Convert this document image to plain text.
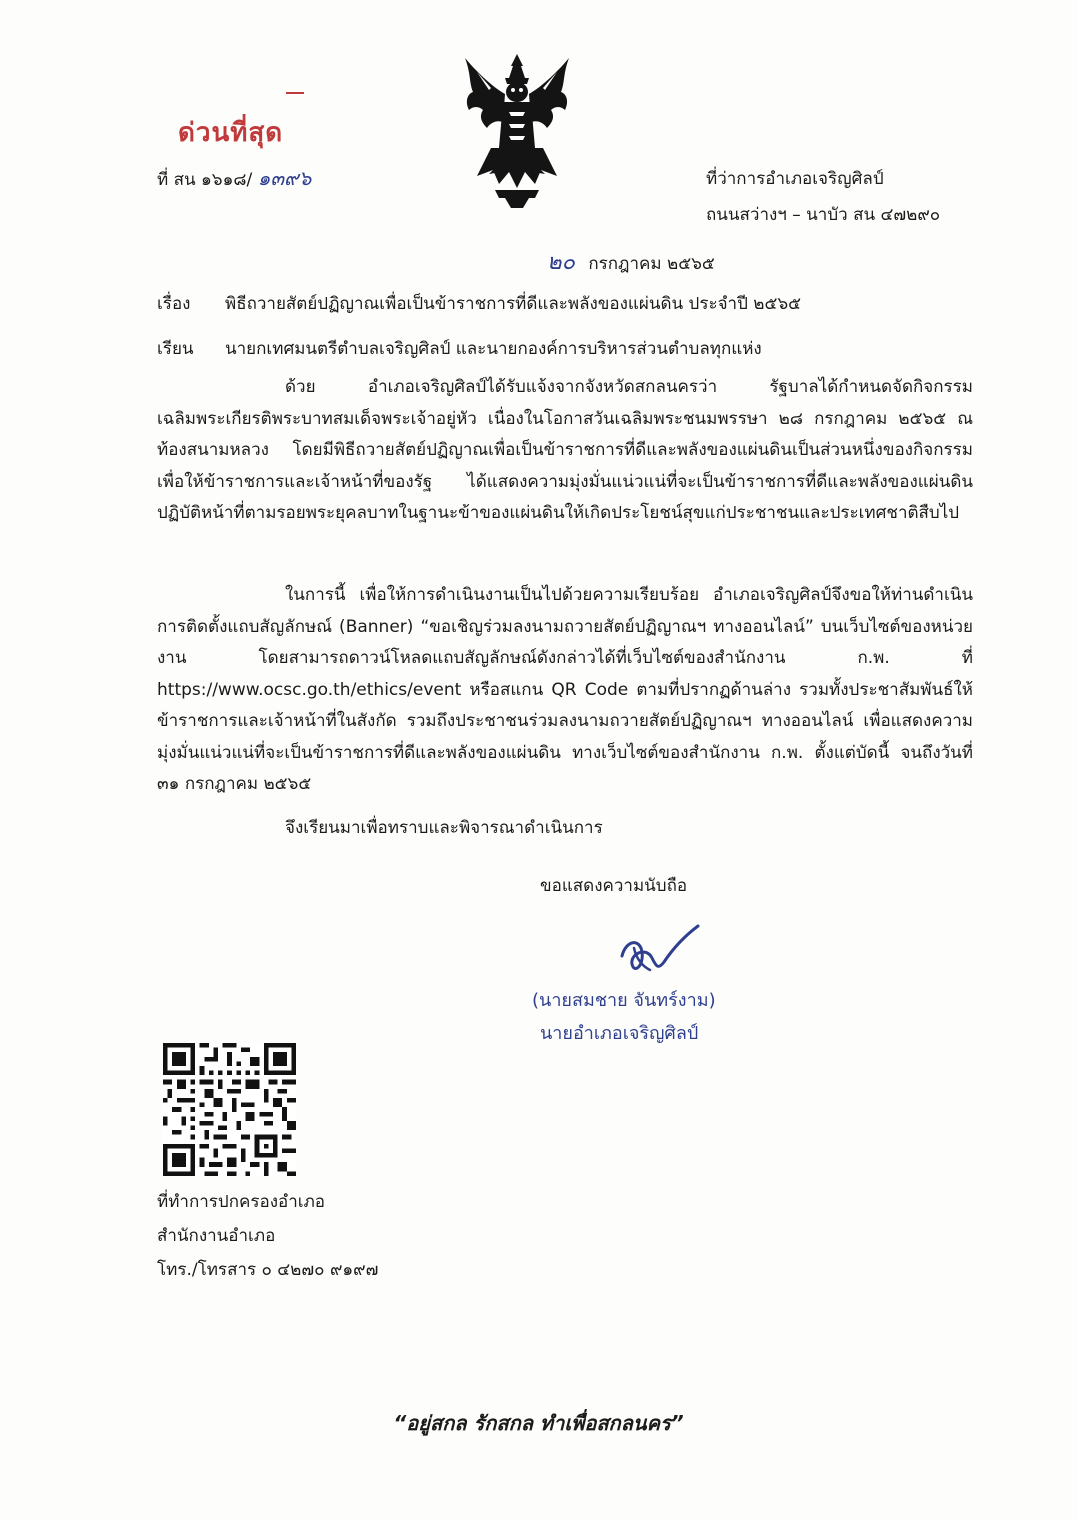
ด่วนที่สุด
ที่ สน ๑๖๑๘/ ๑๓๙๖	ที่ว่าการอำเภอเจริญศิลป์
ถนนสว่างฯ – นาบัว สน ๔๗๒๙๐
๒๐ กรกฎาคม ๒๕๖๕
เรื่อง พิธีถวายสัตย์ปฏิญาณเพื่อเป็นข้าราชการที่ดีและพลังของแผ่นดิน ประจำปี ๒๕๖๕
เรียน นายกเทศมนตรีตำบลเจริญศิลป์ และนายกองค์การบริหารส่วนตำบลทุกแห่ง
ด้วย อำเภอเจริญศิลป์ได้รับแจ้งจากจังหวัดสกลนครว่า รัฐบาลได้กำหนดจัดกิจกรรมเฉลิมพระเกียรติพระบาทสมเด็จพระเจ้าอยู่หัว เนื่องในโอกาสวันเฉลิมพระชนมพรรษา ๒๘ กรกฎาคม ๒๕๖๕ ณ ท้องสนามหลวง โดยมีพิธีถวายสัตย์ปฏิญาณเพื่อเป็นข้าราชการที่ดีและพลังของแผ่นดินเป็นส่วนหนึ่งของกิจกรรม เพื่อให้ข้าราชการและเจ้าหน้าที่ของรัฐ ได้แสดงความมุ่งมั่นแน่วแน่ที่จะเป็นข้าราชการที่ดีและพลังของแผ่นดิน ปฏิบัติหน้าที่ตามรอยพระยุคลบาทในฐานะข้าของแผ่นดินให้เกิดประโยชน์สุขแก่ประชาชนและประเทศชาติสืบไป
ในการนี้ เพื่อให้การดำเนินงานเป็นไปด้วยความเรียบร้อย อำเภอเจริญศิลป์จึงขอให้ท่านดำเนินการติดตั้งแถบสัญลักษณ์ (Banner) “ขอเชิญร่วมลงนามถวายสัตย์ปฏิญาณฯ ทางออนไลน์” บนเว็บไซต์ของหน่วยงาน โดยสามารถดาวน์โหลดแถบสัญลักษณ์ดังกล่าวได้ที่เว็บไซต์ของสำนักงาน ก.พ. ที่ https://www.ocsc.go.th/ethics/event หรือสแกน QR Code ตามที่ปรากฏด้านล่าง รวมทั้งประชาสัมพันธ์ให้ข้าราชการและเจ้าหน้าที่ในสังกัด รวมถึงประชาชนร่วมลงนามถวายสัตย์ปฏิญาณฯ ทางออนไลน์ เพื่อแสดงความมุ่งมั่นแน่วแน่ที่จะเป็นข้าราชการที่ดีและพลังของแผ่นดิน ทางเว็บไซต์ของสำนักงาน ก.พ. ตั้งแต่บัดนี้ จนถึงวันที่ ๓๑ กรกฎาคม ๒๕๖๕
จึงเรียนมาเพื่อทราบและพิจารณาดำเนินการ
ขอแสดงความนับถือ
(นายสมชาย จันทร์งาม)
นายอำเภอเจริญศิลป์
ที่ทำการปกครองอำเภอ
สำนักงานอำเภอ
โทร./โทรสาร ๐ ๔๒๗๐ ๙๑๙๗
“อยู่สกล รักสกล ทำเพื่อสกลนคร”
